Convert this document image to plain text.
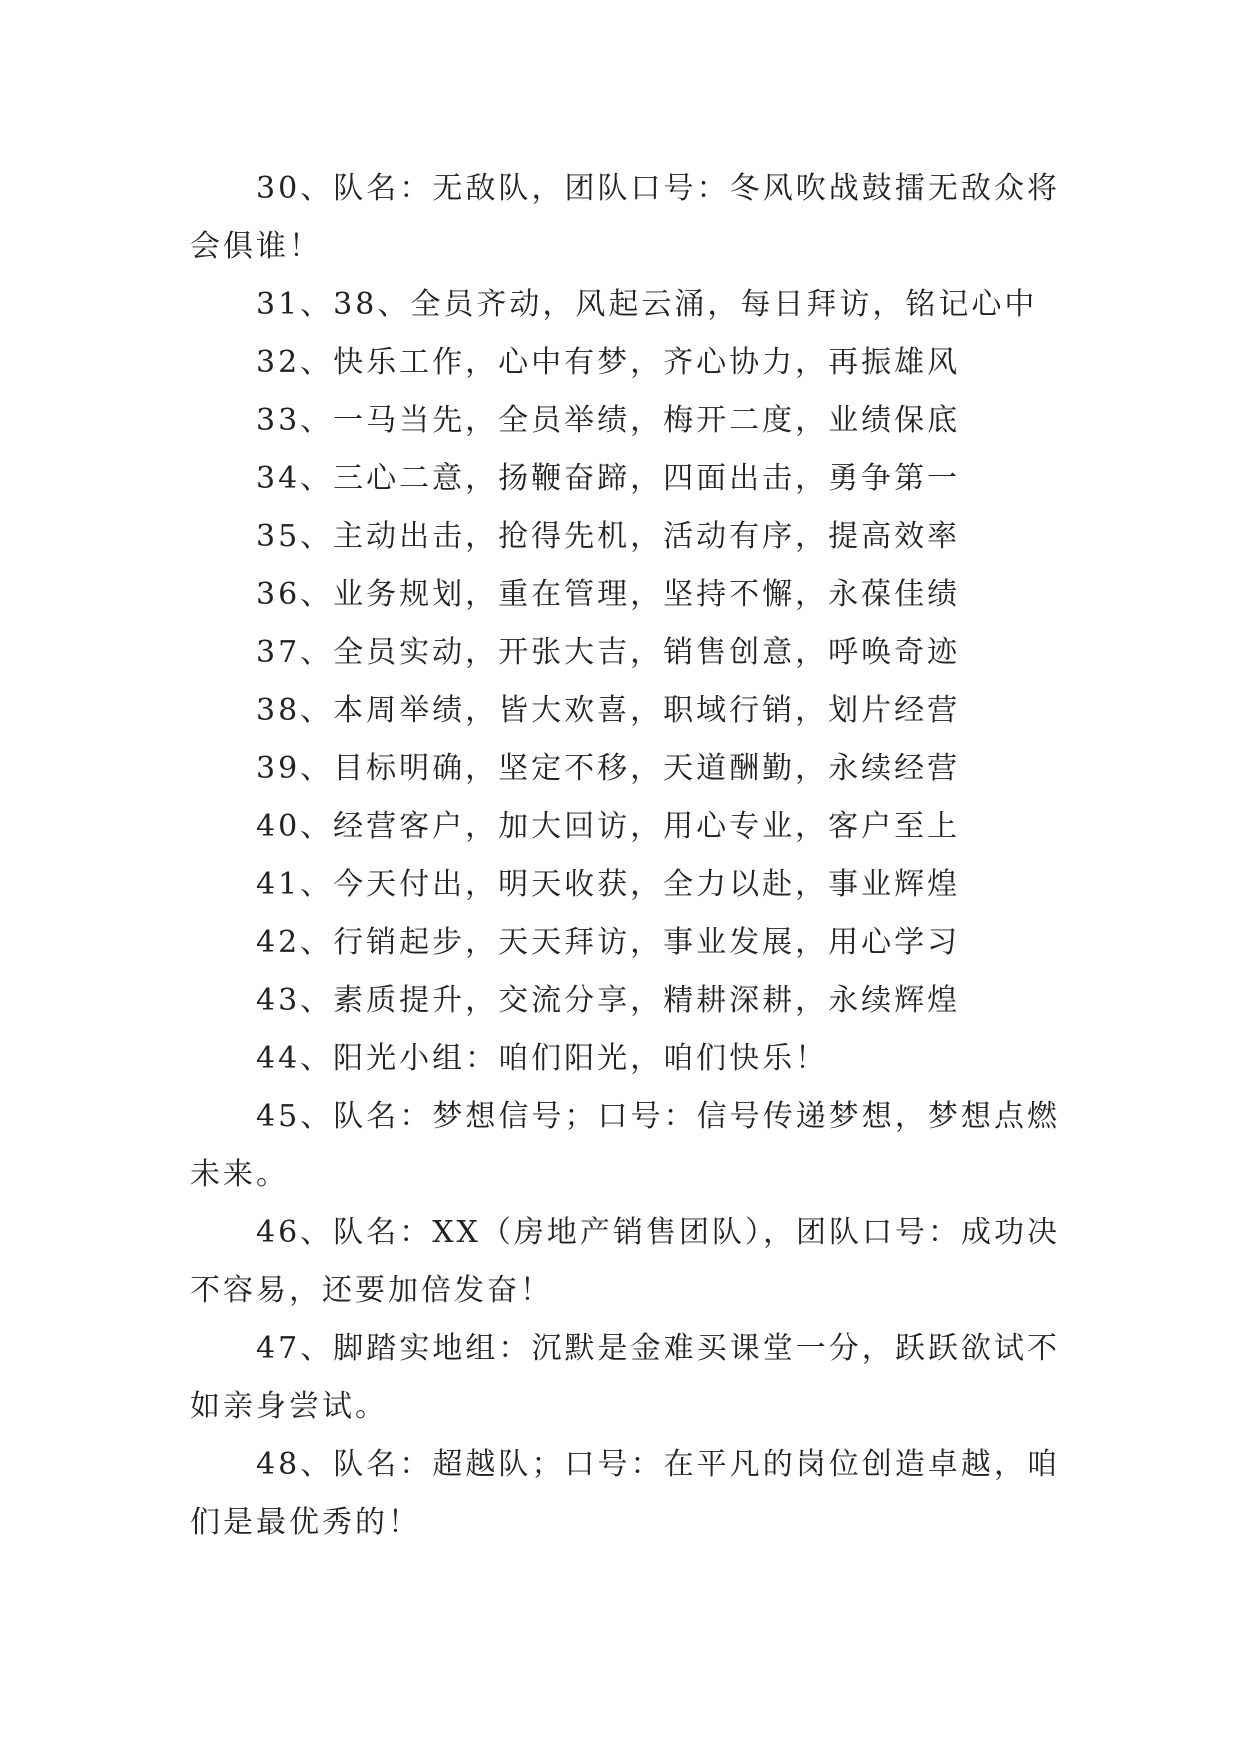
30、队名：无敌队，团队口号：冬风吹战鼓擂无敌众将会俱谁！

31、38、全员齐动，风起云涌，每日拜访，铭记心中

32、快乐工作，心中有梦，齐心协力，再振雄风

33、一马当先，全员举绩，梅开二度，业绩保底

34、三心二意，扬鞭奋蹄，四面出击，勇争第一

35、主动出击，抢得先机，活动有序，提高效率

36、业务规划，重在管理，坚持不懈，永葆佳绩

37、全员实动，开张大吉，销售创意，呼唤奇迹

38、本周举绩，皆大欢喜，职域行销，划片经营

39、目标明确，坚定不移，天道酬勤，永续经营

40、经营客户，加大回访，用心专业，客户至上

41、今天付出，明天收获，全力以赴，事业辉煌

42、行销起步，天天拜访，事业发展，用心学习

43、素质提升，交流分享，精耕深耕，永续辉煌

44、阳光小组：咱们阳光，咱们快乐！

45、队名：梦想信号；口号：信号传递梦想，梦想点燃未来。

46、队名：XX（房地产销售团队），团队口号：成功决不容易，还要加倍发奋！

47、脚踏实地组：沉默是金难买课堂一分，跃跃欲试不如亲身尝试。

48、队名：超越队；口号：在平凡的岗位创造卓越，咱们是最优秀的！
